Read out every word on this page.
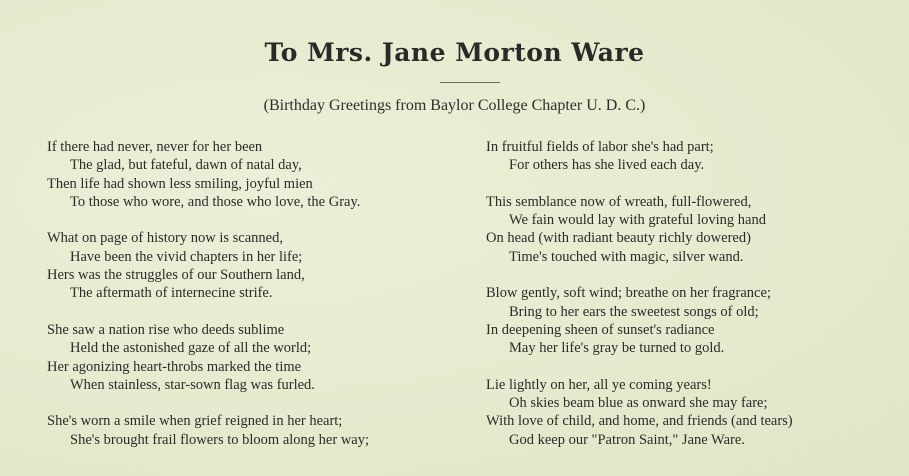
To Mrs. Jane Morton Ware

(Birthday Greetings from Baylor College Chapter U. D. C.)

If there had never, never for her been
The glad, but fateful, dawn of natal day,
Then life had shown less smiling, joyful mien
To those who wore, and those who love, the Gray.
What on page of history now is scanned,
Have been the vivid chapters in her life;
Hers was the struggles of our Southern land,
The aftermath of internecine strife.
She saw a nation rise who deeds sublime
Held the astonished gaze of all the world;
Her agonizing heart-throbs marked the time
When stainless, star-sown flag was furled.
She's worn a smile when grief reigned in her heart;
She's brought frail flowers to bloom along her way;
In fruitful fields of labor she's had part;
For others has she lived each day.
This semblance now of wreath, full-flowered,
We fain would lay with grateful loving hand
On head (with radiant beauty richly dowered)
Time's touched with magic, silver wand.
Blow gently, soft wind; breathe on her fragrance;
Bring to her ears the sweetest songs of old;
In deepening sheen of sunset's radiance
May her life's gray be turned to gold.
Lie lightly on her, all ye coming years!
Oh skies beam blue as onward she may fare;
With love of child, and home, and friends (and tears)
God keep our "Patron Saint," Jane Ware.
